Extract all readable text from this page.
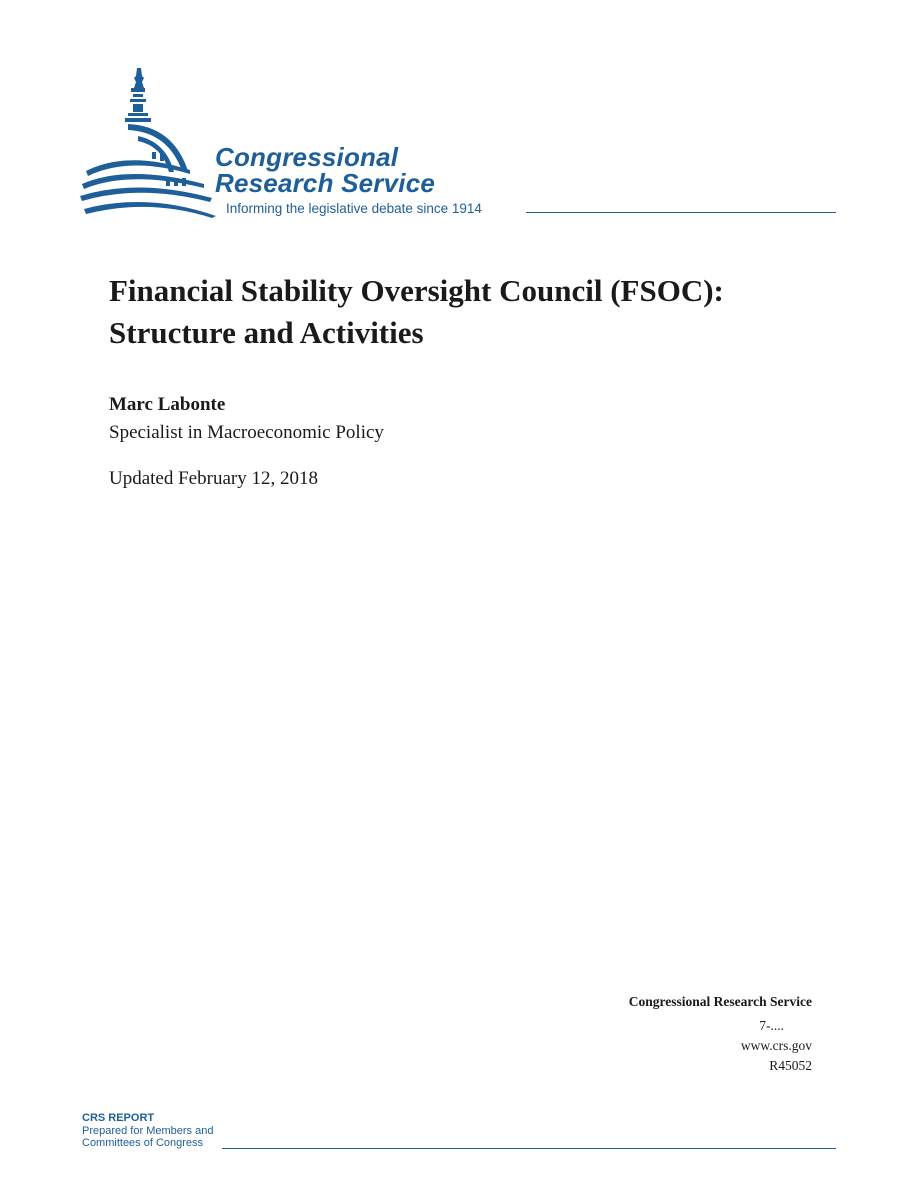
Congressional
Research Service
Informing the legislative debate since 1914
Financial Stability Oversight Council (FSOC):
Structure and Activities
Marc Labonte
Specialist in Macroeconomic Policy
Updated February 12, 2018
Congressional Research Service
7-....
www.crs.gov
R45052
CRS REPORT
Prepared for Members and
Committees of Congress
